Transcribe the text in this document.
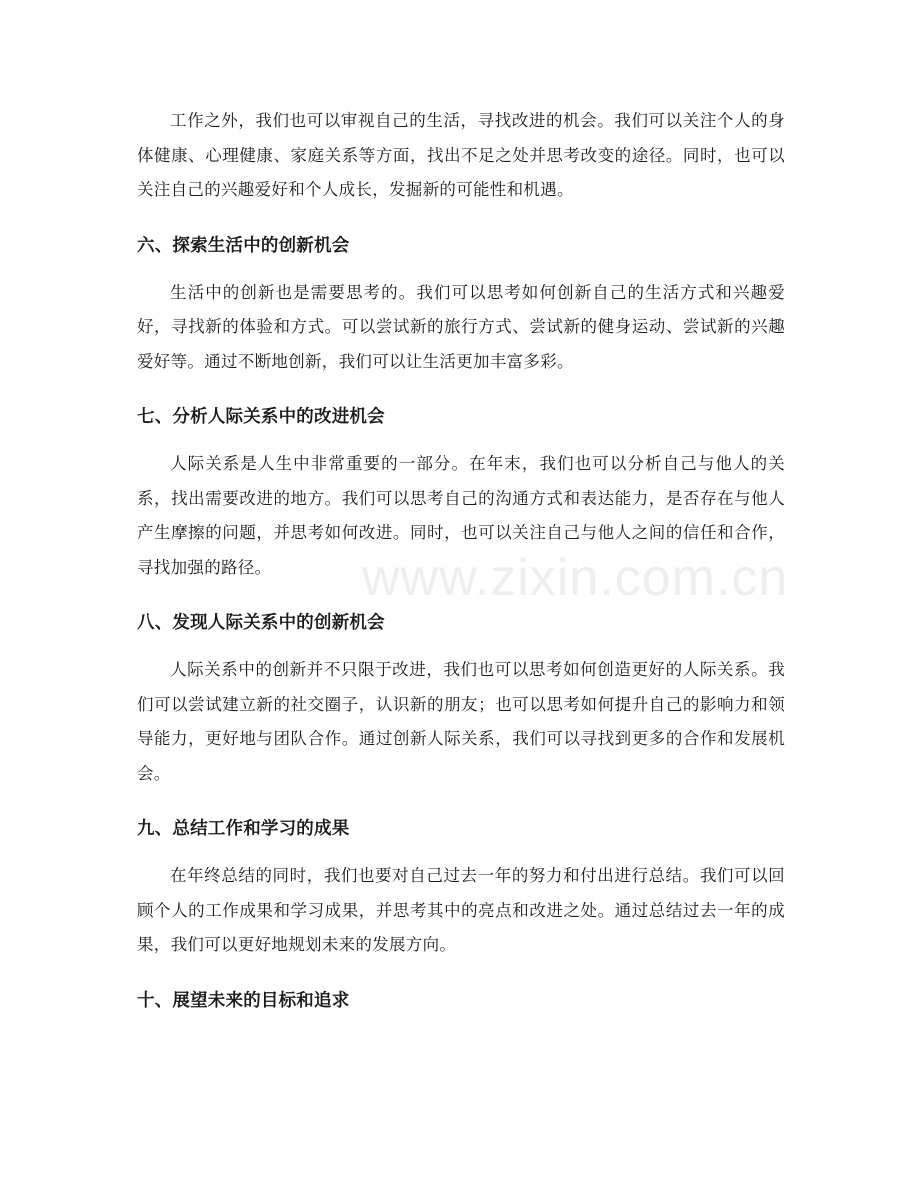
工作之外，我们也可以审视自己的生活，寻找改进的机会。我们可以关注个人的身体健康、心理健康、家庭关系等方面，找出不足之处并思考改变的途径。同时，也可以关注自己的兴趣爱好和个人成长，发掘新的可能性和机遇。

六、探索生活中的创新机会

生活中的创新也是需要思考的。我们可以思考如何创新自己的生活方式和兴趣爱好，寻找新的体验和方式。可以尝试新的旅行方式、尝试新的健身运动、尝试新的兴趣爱好等。通过不断地创新，我们可以让生活更加丰富多彩。

七、分析人际关系中的改进机会

人际关系是人生中非常重要的一部分。在年末，我们也可以分析自己与他人的关系，找出需要改进的地方。我们可以思考自己的沟通方式和表达能力，是否存在与他人产生摩擦的问题，并思考如何改进。同时，也可以关注自己与他人之间的信任和合作，寻找加强的路径。

八、发现人际关系中的创新机会

人际关系中的创新并不只限于改进，我们也可以思考如何创造更好的人际关系。我们可以尝试建立新的社交圈子，认识新的朋友；也可以思考如何提升自己的影响力和领导能力，更好地与团队合作。通过创新人际关系，我们可以寻找到更多的合作和发展机会。

九、总结工作和学习的成果

在年终总结的同时，我们也要对自己过去一年的努力和付出进行总结。我们可以回顾个人的工作成果和学习成果，并思考其中的亮点和改进之处。通过总结过去一年的成果，我们可以更好地规划未来的发展方向。

十、展望未来的目标和追求
www.zixin.com.cn
